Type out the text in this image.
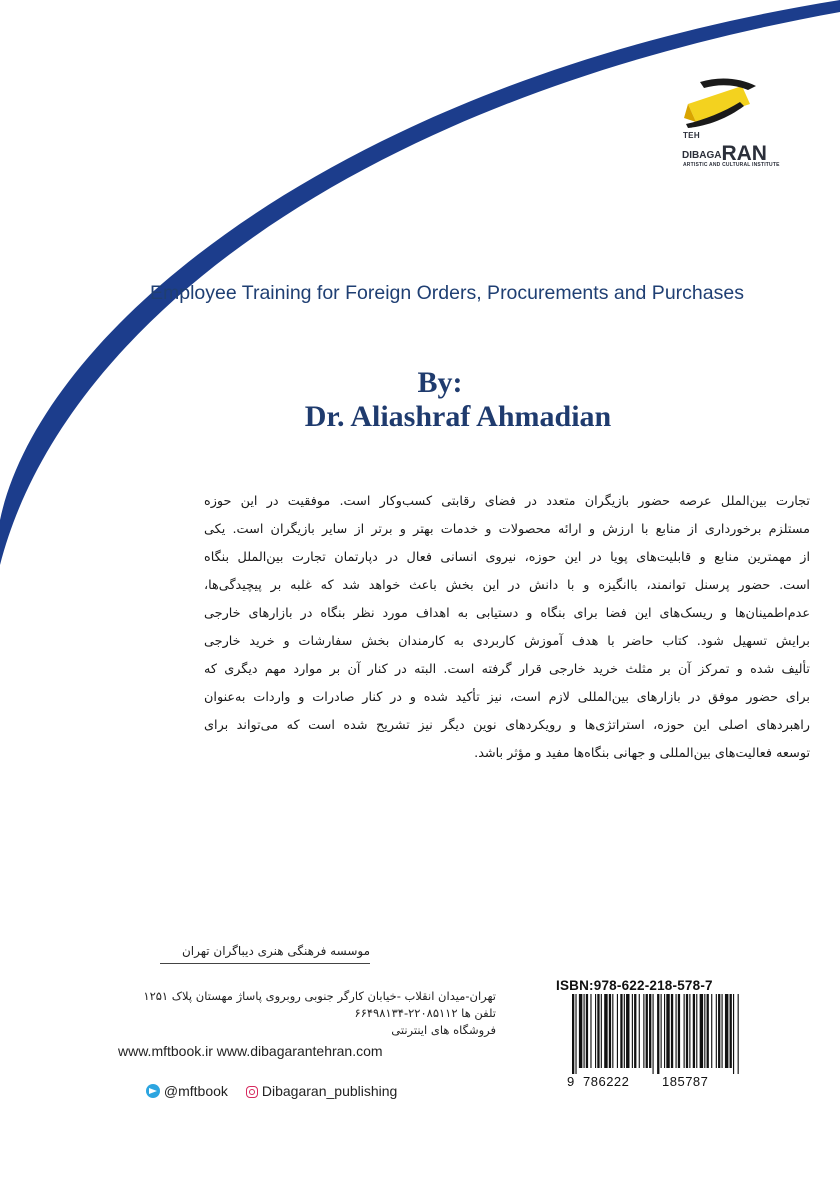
TEH
DIBAGARAN
ARTISTIC AND CULTURAL INSTITUTE
Employee Training for Foreign Orders, Procurements and Purchases
By:
Dr. Aliashraf Ahmadian
تجارت بین‌الملل عرصه حضور بازیگران متعدد در فضای رقابتی کسب‌وکار است. موفقیت در این حوزه
مستلزم برخورداری از منابع با ارزش و ارائه محصولات و خدمات بهتر و برتر از سایر بازیگران است. یکی
از مهمترین منابع و قابلیت‌های پویا در این حوزه، نیروی انسانی فعال در دپارتمان تجارت بین‌الملل بنگاه
است. حضور پرسنل توانمند، باانگیزه و با دانش در این بخش باعث خواهد شد که غلبه بر پیچیدگی‌ها،
عدم‌اطمینان‌ها و ریسک‌های این فضا برای بنگاه و دستیابی به اهداف مورد نظر بنگاه در بازارهای خارجی
برایش تسهیل شود. کتاب حاضر با هدف آموزش کاربردی به کارمندان بخش سفارشات و خرید خارجی
تألیف شده و تمرکز آن بر مثلث خرید خارجی قرار گرفته است. البته در کنار آن بر موارد مهم دیگری که
برای حضور موفق در بازارهای بین‌المللی لازم است، نیز تأکید شده و در کنار صادرات و واردات به‌عنوان
راهبردهای اصلی این حوزه، استراتژی‌ها و رویکردهای نوین دیگر نیز تشریح شده است که می‌تواند برای
توسعه فعالیت‌های بین‌المللی و جهانی بنگاه‌ها مفید و مؤثر باشد.
موسسه فرهنگی هنری دیباگران تهران
تهران-میدان انقلاب -خیابان کارگر جنوبی روبروی پاساژ مهستان پلاک ۱۲۵۱
تلفن ها ۲۲۰۸۵۱۱۲-۶۶۴۹۸۱۳۴
فروشگاه های اینترنتی
www.mftbook.ir www.dibagarantehran.com
@mftbook	Dibagaran_publishing
ISBN:978-622-218-578-7
9 786222	185787
